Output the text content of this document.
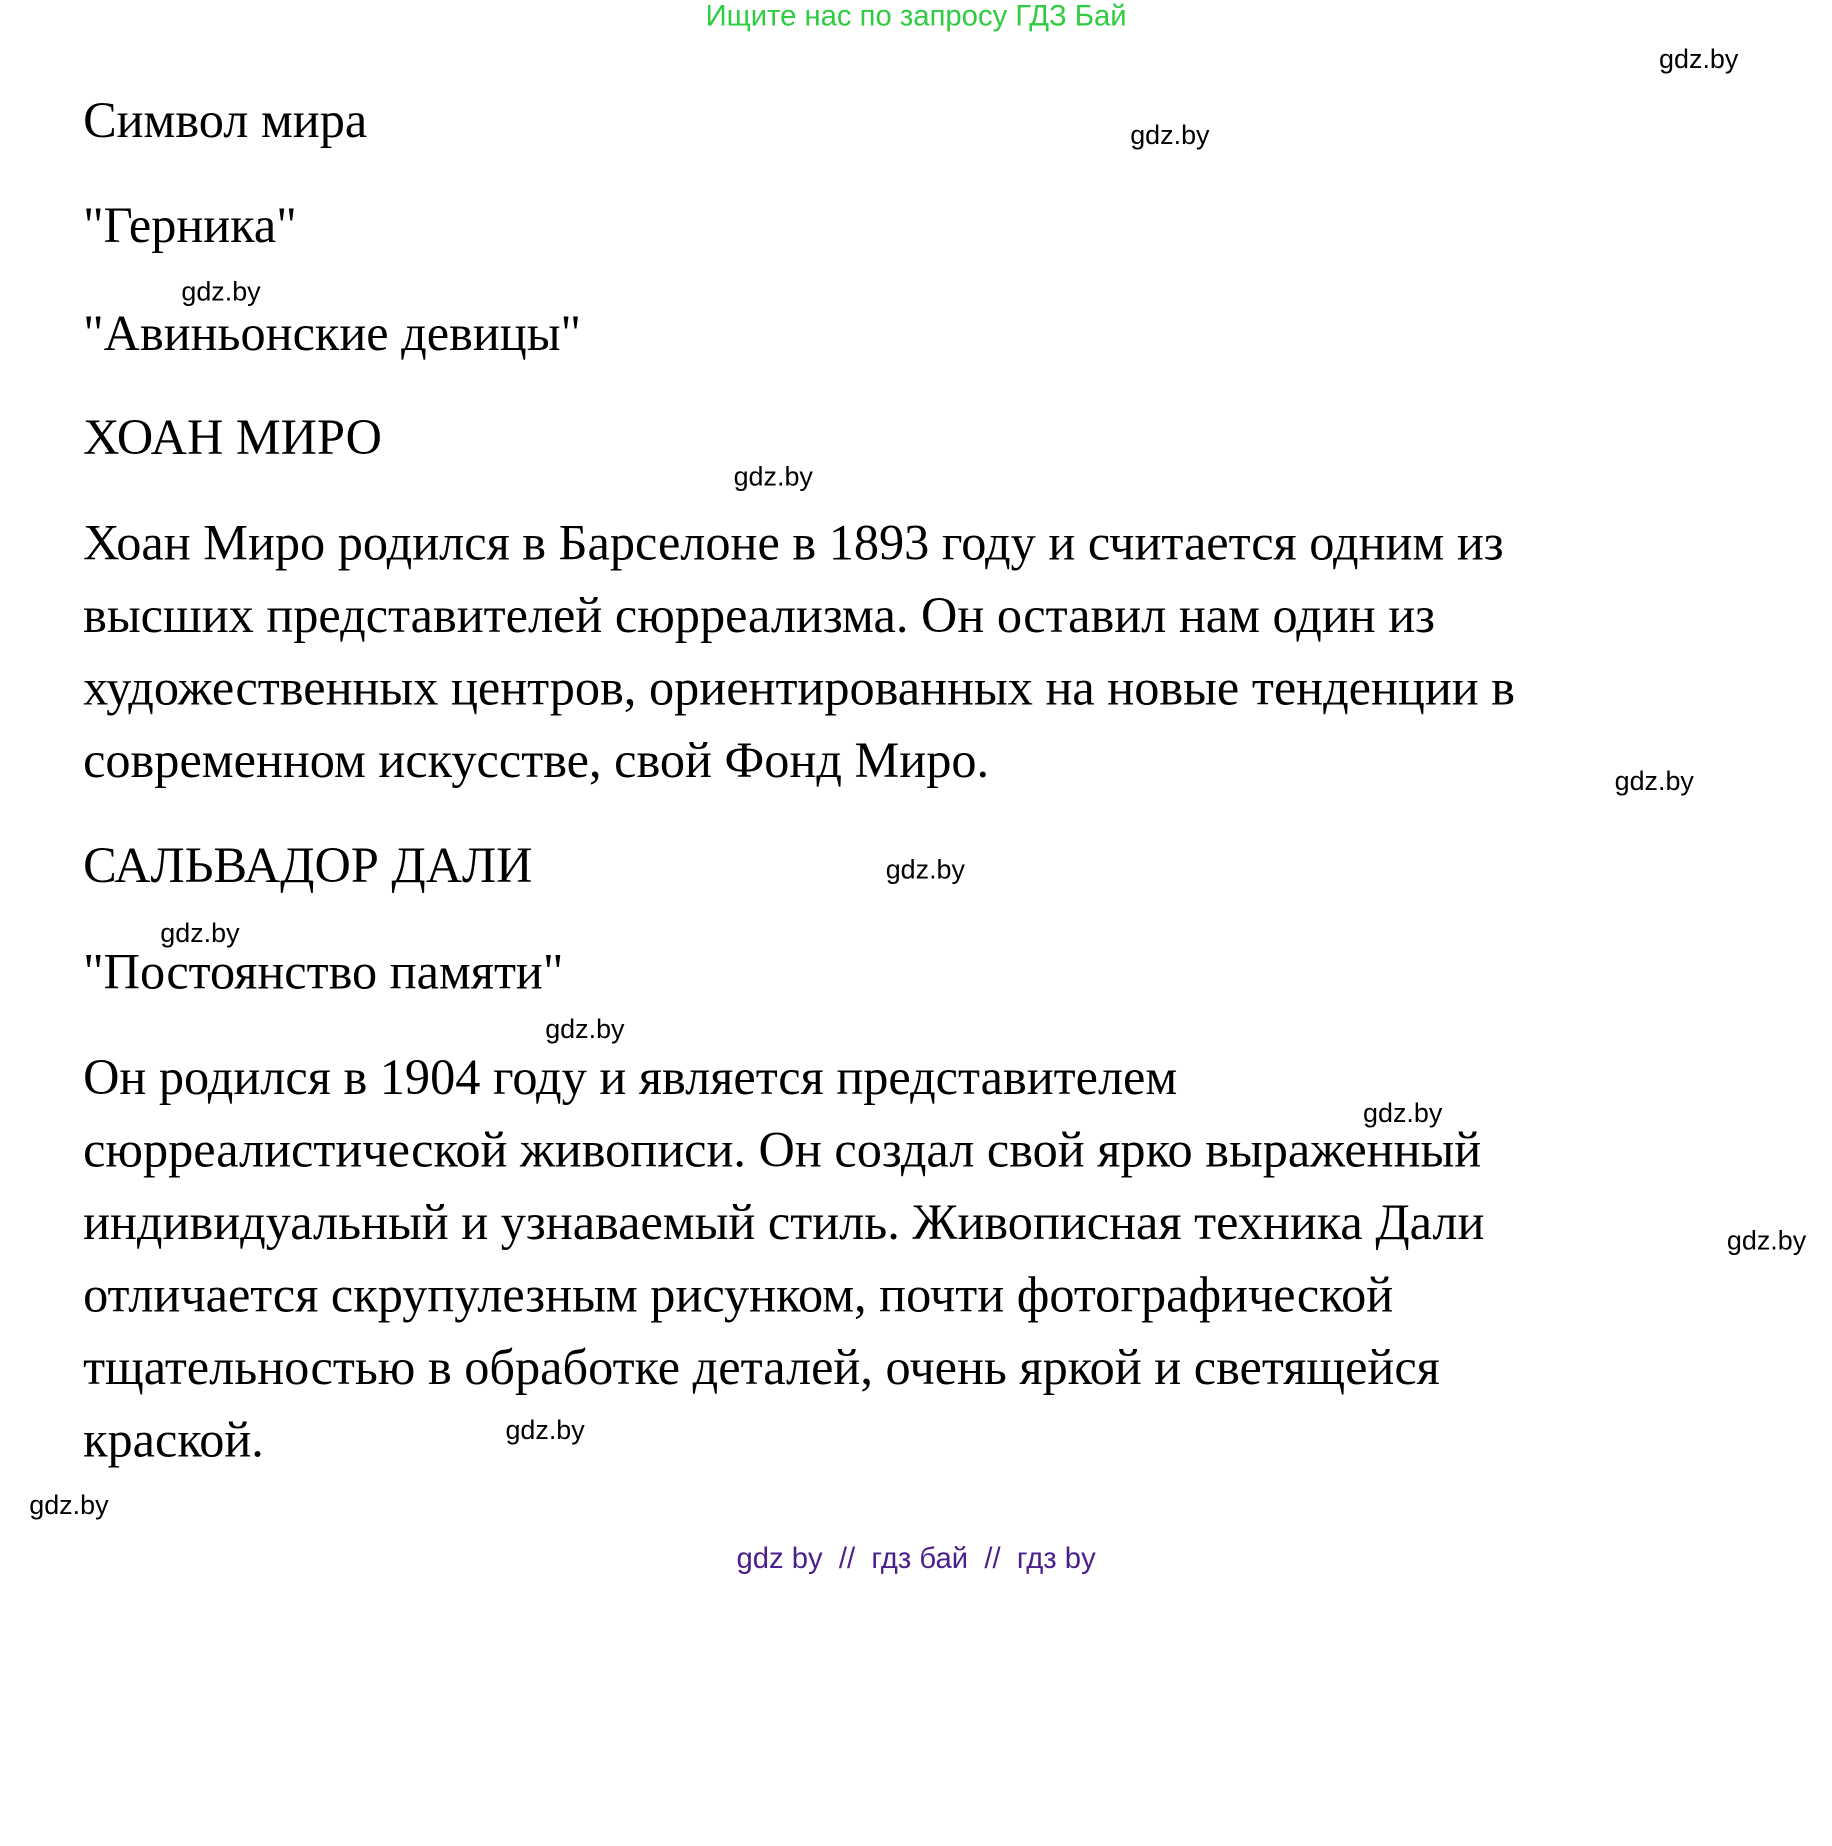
Ищите нас по запросу ГДЗ Бай
Символ мира
"Герника"
"Авиньонские девицы"
ХОАН МИРО
Хоан Миро родился в Барселоне в 1893 году и считается одним из
высших представителей сюрреализма. Он оставил нам один из
художественных центров, ориентированных на новые тенденции в
современном искусстве, свой Фонд Миро.
САЛЬВАДОР ДАЛИ
"Постоянство памяти"
Он родился в 1904 году и является представителем
сюрреалистической живописи. Он создал свой ярко выраженный
индивидуальный и узнаваемый стиль. Живописная техника Дали
отличается скрупулезным рисунком, почти фотографической
тщательностью в обработке деталей, очень яркой и светящейся
краской.
gdz.by
gdz.by
gdz.by
gdz.by
gdz.by
gdz.by
gdz.by
gdz.by
gdz.by
gdz.by
gdz.by
gdz.by
gdz by  //  гдз бай  //  гдз by
